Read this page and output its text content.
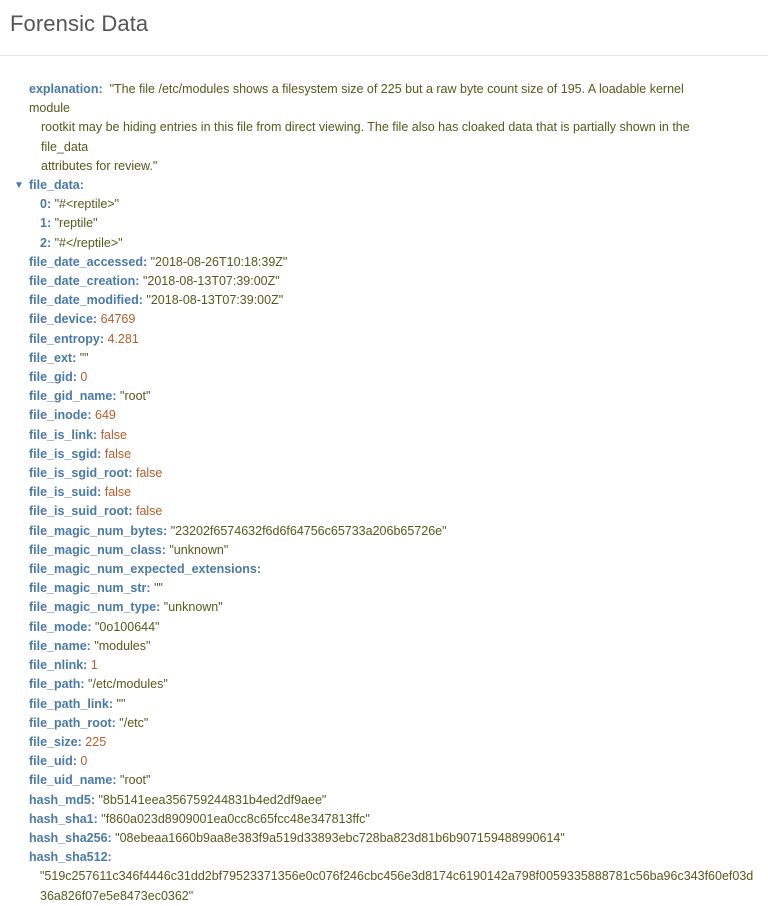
Forensic Data
explanation: "The file /etc/modules shows a filesystem size of 225 but a raw byte count size of 195. A loadable kernel module
rootkit may be hiding entries in this file from direct viewing. The file also has cloaked data that is partially shown in the file_data
attributes for review."
▼ file_data:
0: "#<reptile>"
1: "reptile"
2: "#</reptile>"
file_date_accessed: "2018-08-26T10:18:39Z"
file_date_creation: "2018-08-13T07:39:00Z"
file_date_modified: "2018-08-13T07:39:00Z"
file_device: 64769
file_entropy: 4.281
file_ext: ""
file_gid: 0
file_gid_name: "root"
file_inode: 649
file_is_link: false
file_is_sgid: false
file_is_sgid_root: false
file_is_suid: false
file_is_suid_root: false
file_magic_num_bytes: "23202f6574632f6d6f64756c65733a206b65726e"
file_magic_num_class: "unknown"
file_magic_num_expected_extensions:
file_magic_num_str: ""
file_magic_num_type: "unknown"
file_mode: "0o100644"
file_name: "modules"
file_nlink: 1
file_path: "/etc/modules"
file_path_link: ""
file_path_root: "/etc"
file_size: 225
file_uid: 0
file_uid_name: "root"
hash_md5: "8b5141eea356759244831b4ed2df9aee"
hash_sha1: "f860a023d8909001ea0cc8c65fcc48e347813ffc"
hash_sha256: "08ebeaa1660b9aa8e383f9a519d33893ebc728ba823d81b6b907159488990614"
hash_sha512:
"519c257611c346f4446c31dd2bf79523371356e0c076f246cbc456e3d8174c6190142a798f0059335888781c56ba96c343f60ef03d36a826f07e5e8473ec0362"
